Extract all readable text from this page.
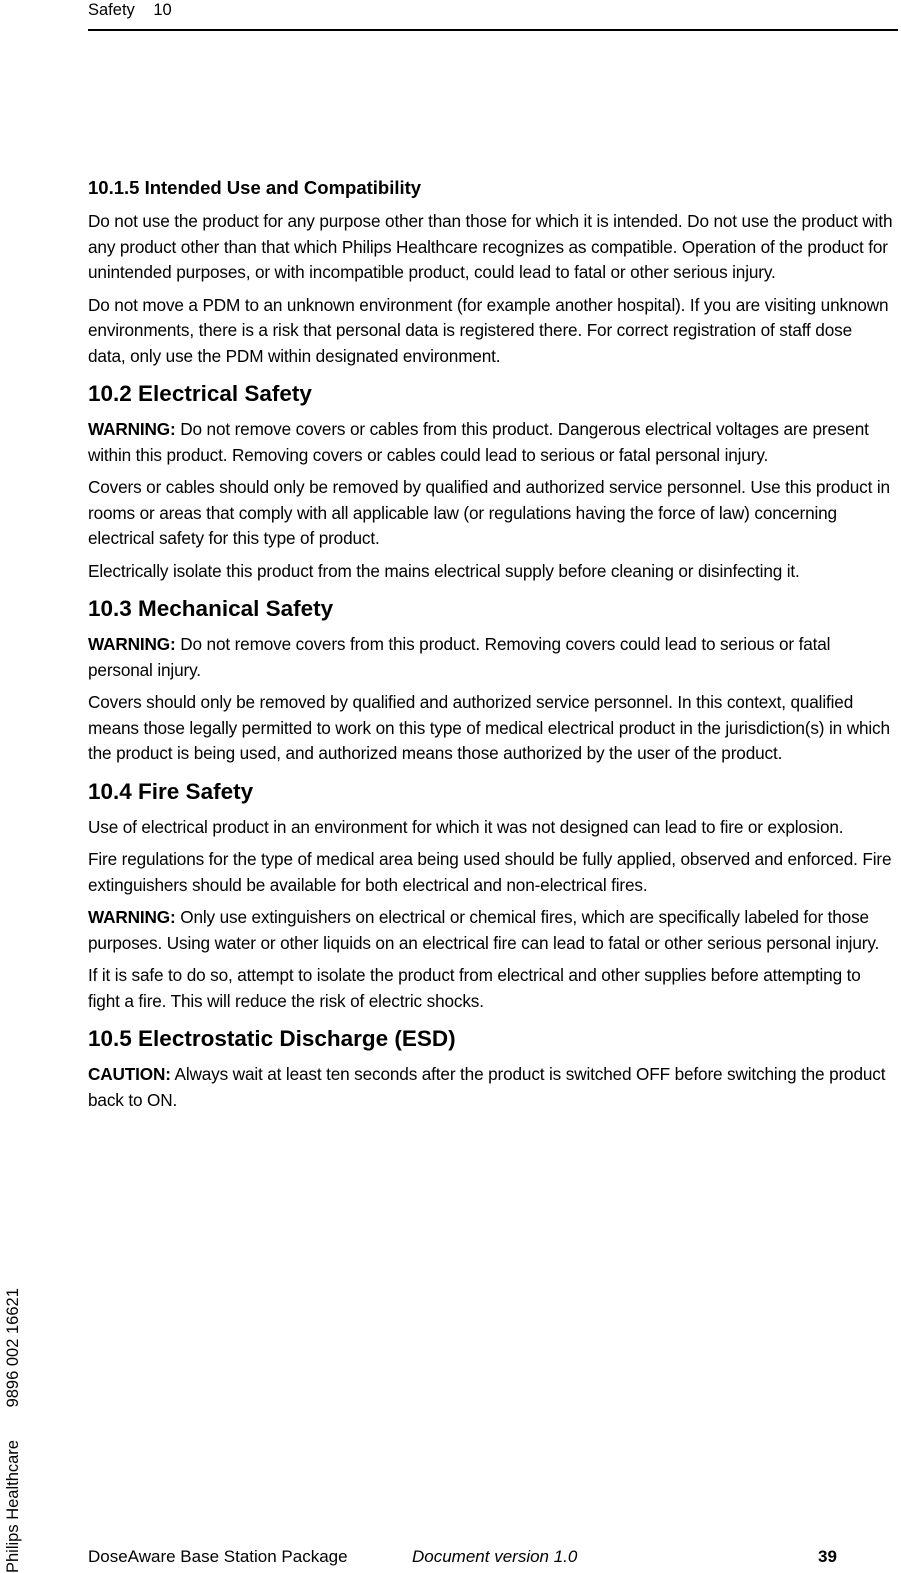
Safety 10
10.1.5 Intended Use and Compatibility

Do not use the product for any purpose other than those for which it is intended. Do not use the product with any product other than that which Philips Healthcare recognizes as compatible. Operation of the product for unintended purposes, or with incompatible product, could lead to fatal or other serious injury.

Do not move a PDM to an unknown environment (for example another hospital). If you are visiting unknown environments, there is a risk that personal data is registered there. For correct registration of staff dose data, only use the PDM within designated environment.

10.2 Electrical Safety

WARNING: Do not remove covers or cables from this product. Dangerous electrical voltages are present within this product. Removing covers or cables could lead to serious or fatal personal injury.

Covers or cables should only be removed by qualified and authorized service personnel. Use this product in rooms or areas that comply with all applicable law (or regulations having the force of law) concerning electrical safety for this type of product.

Electrically isolate this product from the mains electrical supply before cleaning or disinfecting it.

10.3 Mechanical Safety

WARNING: Do not remove covers from this product. Removing covers could lead to serious or fatal personal injury.

Covers should only be removed by qualified and authorized service personnel. In this context, qualified means those legally permitted to work on this type of medical electrical product in the jurisdiction(s) in which the product is being used, and authorized means those authorized by the user of the product.

10.4 Fire Safety

Use of electrical product in an environment for which it was not designed can lead to fire or explosion.

Fire regulations for the type of medical area being used should be fully applied, observed and enforced. Fire extinguishers should be available for both electrical and non-electrical fires.

WARNING: Only use extinguishers on electrical or chemical fires, which are specifically labeled for those purposes. Using water or other liquids on an electrical fire can lead to fatal or other serious personal injury.

If it is safe to do so, attempt to isolate the product from electrical and other supplies before attempting to fight a fire. This will reduce the risk of electric shocks.

10.5 Electrostatic Discharge (ESD)

CAUTION: Always wait at least ten seconds after the product is switched OFF before switching the product back to ON.

Philips Healthcare 9896 002 16621
DoseAware Base Station Package	Document version 1.0	39
